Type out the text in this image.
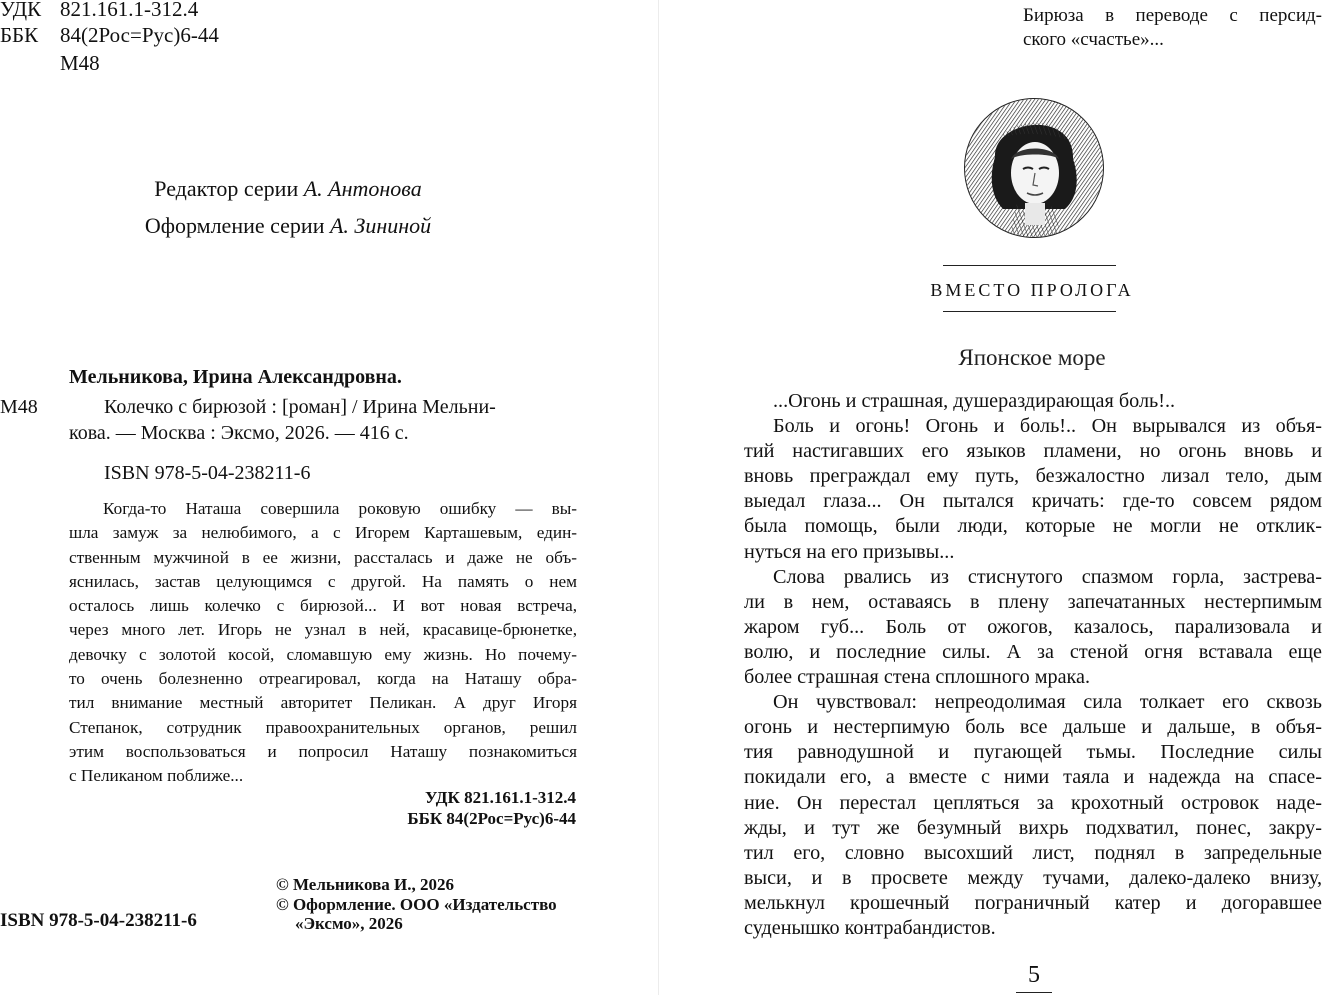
УДК 821.161.1-312.4
ББК 84(2Рос=Рус)6-44
М48
Редактор серии А. Антонова
Оформление серии А. Зининой
Мельникова, Ирина Александровна.
М48	Колечко с бирюзой : [роман] / Ирина Мельни-
кова. — Москва : Эксмо, 2026. — 416 с.
ISBN 978-5-04-238211-6

Когда-то Наташа совершила роковую ошибку — вы-

шла замуж за нелюбимого, а с Игорем Карташевым, един-

ственным мужчиной в ее жизни, рассталась и даже не объ-

яснилась, застав целующимся с другой. На память о нем

осталось лишь колечко с бирюзой... И вот новая встреча,

через много лет. Игорь не узнал в ней, красавице-брюнетке,

девочку с золотой косой, сломавшую ему жизнь. Но почему-

то очень болезненно отреагировал, когда на Наташу обра-

тил внимание местный авторитет Пеликан. А друг Игоря

Степанок, сотрудник правоохранительных органов, решил

этим воспользоваться и попросил Наташу познакомиться

с Пеликаном поближе...

УДК 821.161.1-312.4
ББК 84(2Рос=Рус)6-44
© Мельникова И., 2026
© Оформление. ООО «Издательство
«Эксмо», 2026
ISBN 978-5-04-238211-6

Бирюза в переводе с персид-

ского «счастье»...

ВМЕСТО ПРОЛОГА
Японское море

...Огонь и страшная, душераздирающая боль!..

Боль и огонь! Огонь и боль!.. Он вырывался из объя-

тий настигавших его языков пламени, но огонь вновь и

вновь преграждал ему путь, безжалостно лизал тело, дым

выедал глаза... Он пытался кричать: где-то совсем рядом

была помощь, были люди, которые не могли не отклик-

нуться на его призывы...

Слова рвались из стиснутого спазмом горла, застрева-

ли в нем, оставаясь в плену запечатанных нестерпимым

жаром губ... Боль от ожогов, казалось, парализовала и

волю, и последние силы. А за стеной огня вставала еще

более страшная стена сплошного мрака.

Он чувствовал: непреодолимая сила толкает его сквозь

огонь и нестерпимую боль все дальше и дальше, в объя-

тия равнодушной и пугающей тьмы. Последние силы

покидали его, а вместе с ними таяла и надежда на спасе-

ние. Он перестал цепляться за крохотный островок наде-

жды, и тут же безумный вихрь подхватил, понес, закру-

тил его, словно высохший лист, поднял в запредельные

выси, и в просвете между тучами, далеко-далеко внизу,

мелькнул крошечный пограничный катер и догоравшее

суденышко контрабандистов.

5
